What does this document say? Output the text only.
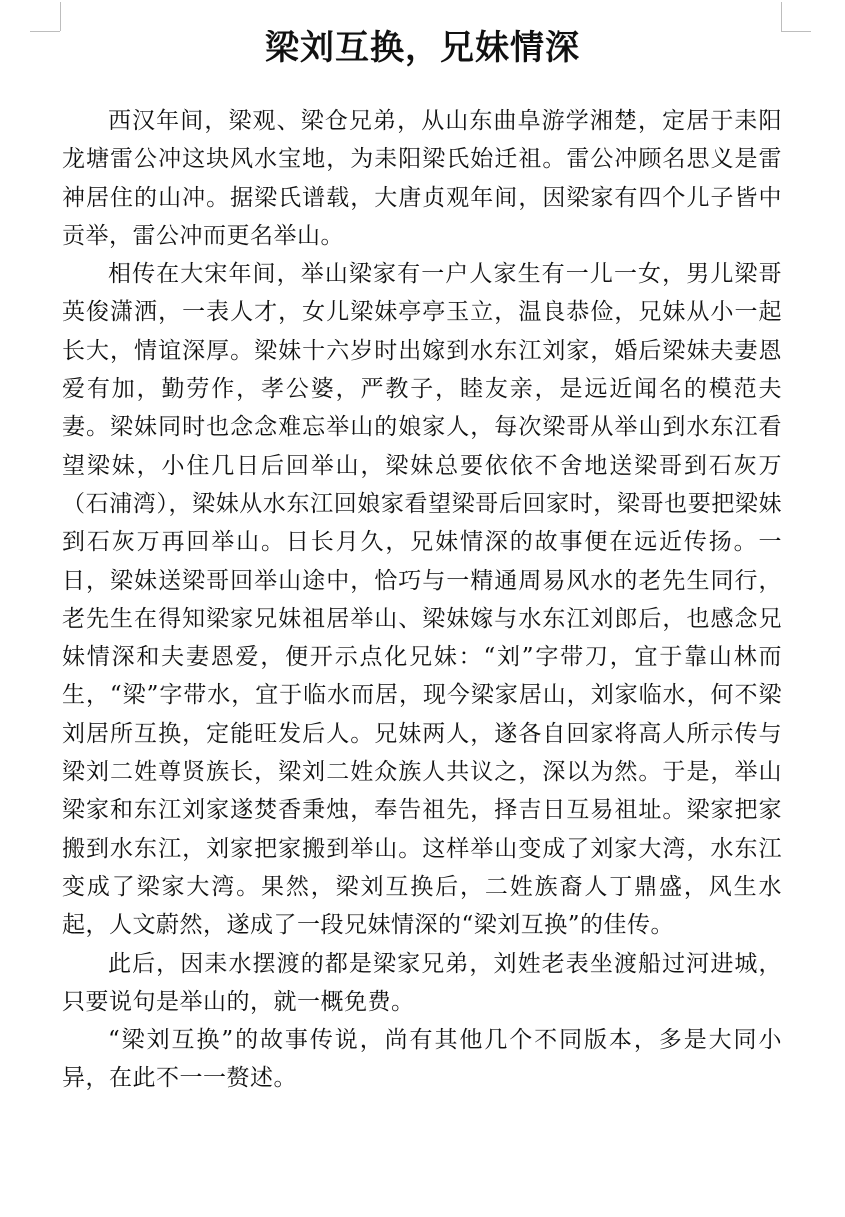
梁刘互换，兄妹情深

西汉年间，梁观、梁仓兄弟，从山东曲阜游学湘楚，定居于耒阳龙塘雷公冲这块风水宝地，为耒阳梁氏始迁祖。雷公冲顾名思义是雷神居住的山冲。据梁氏谱载，大唐贞观年间，因梁家有四个儿子皆中贡举，雷公冲而更名举山。

相传在大宋年间，举山梁家有一户人家生有一儿一女，男儿梁哥英俊潇洒，一表人才，女儿梁妹亭亭玉立，温良恭俭，兄妹从小一起长大，情谊深厚。梁妹十六岁时出嫁到水东江刘家，婚后梁妹夫妻恩爱有加，勤劳作，孝公婆，严教子，睦友亲，是远近闻名的模范夫妻。梁妹同时也念念难忘举山的娘家人，每次梁哥从举山到水东江看望梁妹，小住几日后回举山，梁妹总要依依不舍地送梁哥到石灰万（石浦湾），梁妹从水东江回娘家看望梁哥后回家时，梁哥也要把梁妹到石灰万再回举山。日长月久，兄妹情深的故事便在远近传扬。一日，梁妹送梁哥回举山途中，恰巧与一精通周易风水的老先生同行，老先生在得知梁家兄妹祖居举山、梁妹嫁与水东江刘郎后，也感念兄妹情深和夫妻恩爱，便开示点化兄妹：“刘”字带刀，宜于靠山林而生，“梁”字带水，宜于临水而居，现今梁家居山，刘家临水，何不梁刘居所互换，定能旺发后人。兄妹两人，遂各自回家将高人所示传与梁刘二姓尊贤族长，梁刘二姓众族人共议之，深以为然。于是，举山梁家和东江刘家遂焚香秉烛，奉告祖先，择吉日互易祖址。梁家把家搬到水东江，刘家把家搬到举山。这样举山变成了刘家大湾，水东江变成了梁家大湾。果然，梁刘互换后，二姓族裔人丁鼎盛，风生水起，人文蔚然，遂成了一段兄妹情深的“梁刘互换”的佳传。

此后，因耒水摆渡的都是梁家兄弟，刘姓老表坐渡船过河进城，只要说句是举山的，就一概免费。

“梁刘互换”的故事传说，尚有其他几个不同版本，多是大同小异，在此不一一赘述。
